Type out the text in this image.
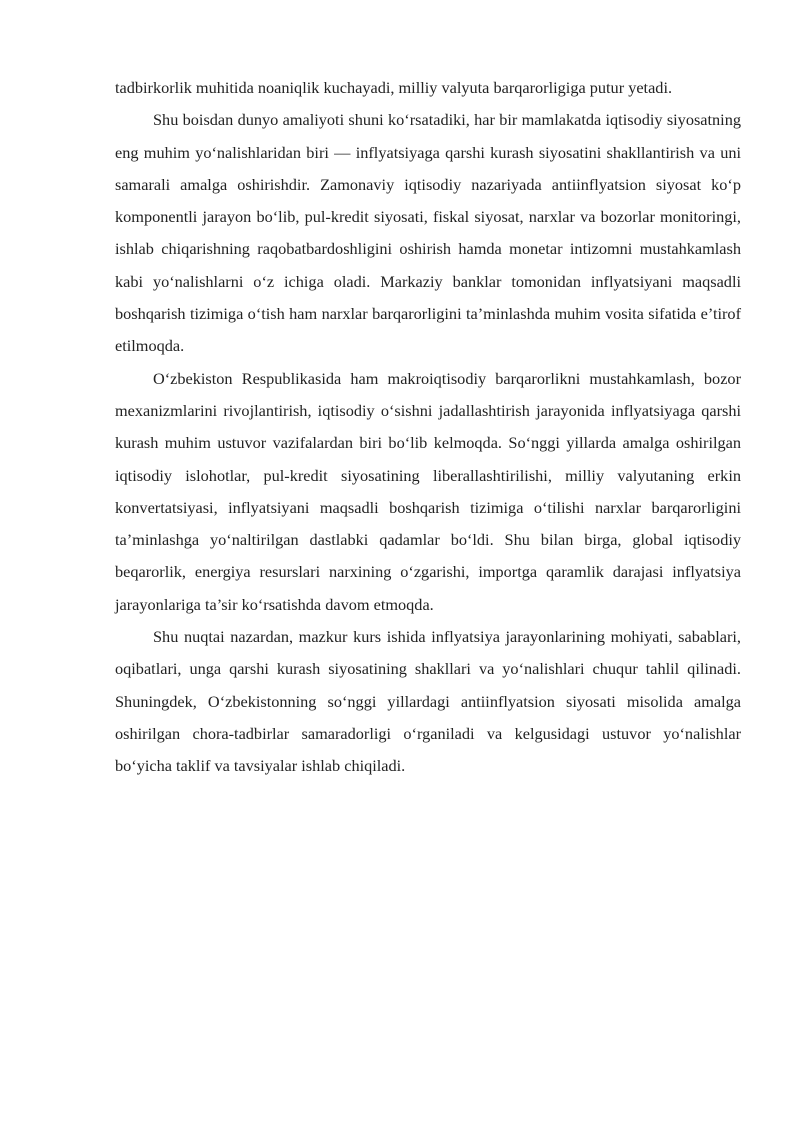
tadbirkorlik muhitida noaniqlik kuchayadi, milliy valyuta barqarorligiga putur yetadi.

Shu boisdan dunyo amaliyoti shuni ko‘rsatadiki, har bir mamlakatda iqtisodiy siyosatning eng muhim yo‘nalishlaridan biri — inflyatsiyaga qarshi kurash siyosatini shakllantirish va uni samarali amalga oshirishdir. Zamonaviy iqtisodiy nazariyada antiinflyatsion siyosat ko‘p komponentli jarayon bo‘lib, pul-kredit siyosati, fiskal siyosat, narxlar va bozorlar monitoringi, ishlab chiqarishning raqobatbardoshligini oshirish hamda monetar intizomni mustahkamlash kabi yo‘nalishlarni o‘z ichiga oladi. Markaziy banklar tomonidan inflyatsiyani maqsadli boshqarish tizimiga o‘tish ham narxlar barqarorligini ta’minlashda muhim vosita sifatida e’tirof etilmoqda.

O‘zbekiston Respublikasida ham makroiqtisodiy barqarorlikni mustahkamlash, bozor mexanizmlarini rivojlantirish, iqtisodiy o‘sishni jadallashtirish jarayonida inflyatsiyaga qarshi kurash muhim ustuvor vazifalardan biri bo‘lib kelmoqda. So‘nggi yillarda amalga oshirilgan iqtisodiy islohotlar, pul-kredit siyosatining liberallashtirilishi, milliy valyutaning erkin konvertatsiyasi, inflyatsiyani maqsadli boshqarish tizimiga o‘tilishi narxlar barqarorligini ta’minlashga yo‘naltirilgan dastlabki qadamlar bo‘ldi. Shu bilan birga, global iqtisodiy beqarorlik, energiya resurslari narxining o‘zgarishi, importga qaramlik darajasi inflyatsiya jarayonlariga ta’sir ko‘rsatishda davom etmoqda.

Shu nuqtai nazardan, mazkur kurs ishida inflyatsiya jarayonlarining mohiyati, sabablari, oqibatlari, unga qarshi kurash siyosatining shakllari va yo‘nalishlari chuqur tahlil qilinadi. Shuningdek, O‘zbekistonning so‘nggi yillardagi antiinflyatsion siyosati misolida amalga oshirilgan chora-tadbirlar samaradorligi o‘rganiladi va kelgusidagi ustuvor yo‘nalishlar bo‘yicha taklif va tavsiyalar ishlab chiqiladi.
